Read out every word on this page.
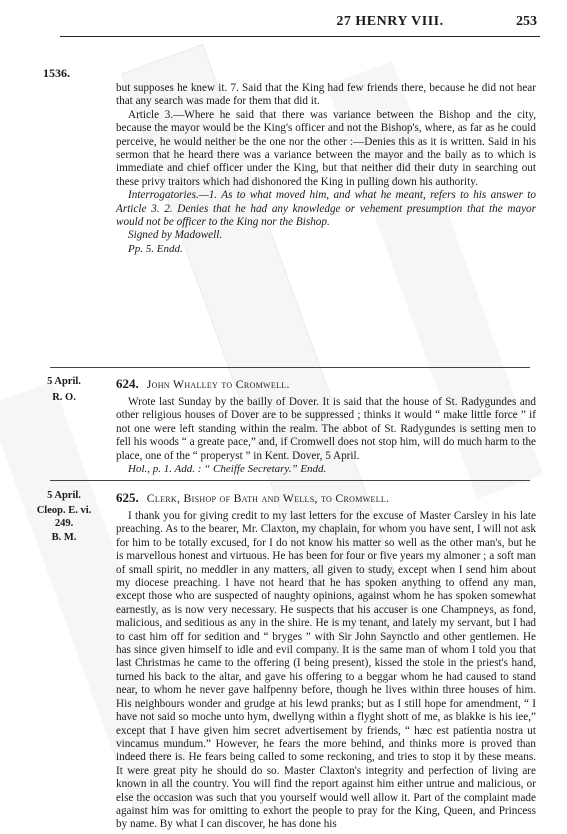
27 HENRY VIII.	253
1536.

but supposes he knew it. 7. Said that the King had few friends there, because he did not hear that any search was made for them that did it.

Article 3.—Where he said that there was variance between the Bishop and the city, because the mayor would be the King's officer and not the Bishop's, where, as far as he could perceive, he would neither be the one nor the other :—Denies this as it is written. Said in his sermon that he heard there was a variance between the mayor and the baily as to which is immediate and chief officer under the King, but that neither did their duty in searching out these privy traitors which had dishonored the King in pulling down his authority.

Interrogatories.—1. As to what moved him, and what he meant, refers to his answer to Article 3. 2. Denies that he had any knowledge or vehement presumption that the mayor would not be officer to the King nor the Bishop.

Signed by Madowell.

Pp. 5. Endd.

5 April.
R. O.
624. John Whalley to Cromwell.

Wrote last Sunday by the bailly of Dover. It is said that the house of St. Radygundes and other religious houses of Dover are to be suppressed ; thinks it would “ make little force ” if not one were left standing within the realm. The abbot of St. Radygundes is setting men to fell his woods “ a greate pace,” and, if Cromwell does not stop him, will do much harm to the place, one of the “ properyst ” in Kent. Dover, 5 April.

Hol., p. 1. Add. : “ Cheiffe Secretary.” Endd.

5 April.
Cleop. E. vi.
249.
B. M.
625. Clerk, Bishop of Bath and Wells, to Cromwell.

I thank you for giving credit to my last letters for the excuse of Master Carsley in his late preaching. As to the bearer, Mr. Claxton, my chaplain, for whom you have sent, I will not ask for him to be totally excused, for I do not know his matter so well as the other man's, but he is marvellous honest and virtuous. He has been for four or five years my almoner ; a soft man of small spirit, no meddler in any matters, all given to study, except when I send him about my diocese preaching. I have not heard that he has spoken anything to offend any man, except those who are suspected of naughty opinions, against whom he has spoken somewhat earnestly, as is now very necessary. He suspects that his accuser is one Champneys, as fond, malicious, and seditious as any in the shire. He is my tenant, and lately my servant, but I had to cast him off for sedition and “ bryges ” with Sir John Saynctlo and other gentlemen. He has since given himself to idle and evil company. It is the same man of whom I told you that last Christmas he came to the offering (I being present), kissed the stole in the priest's hand, turned his back to the altar, and gave his offering to a beggar whom he had caused to stand near, to whom he never gave halfpenny before, though he lives within three houses of him. His neighbours wonder and grudge at his lewd pranks; but as I still hope for amendment, “ I have not said so moche unto hym, dwellyng within a flyght shott of me, as blakke is his iee,” except that I have given him secret advertisement by friends, “ hæc est patientia nostra ut vincamus mundum.” However, he fears the more behind, and thinks more is proved than indeed there is. He fears being called to some reckoning, and tries to stop it by these means. It were great pity he should do so. Master Claxton's integrity and perfection of living are known in all the country. You will find the report against him either untrue and malicious, or else the occasion was such that you yourself would well allow it. Part of the complaint made against him was for omitting to exhort the people to pray for the King, Queen, and Princess by name. By what I can discover, he has done his
